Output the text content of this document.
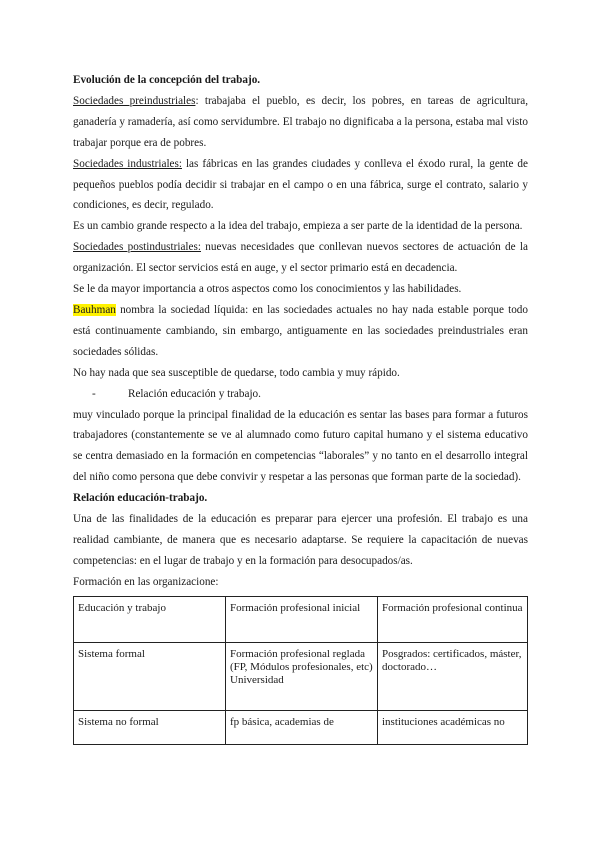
Evolución de la concepción del trabajo.

Sociedades preindustriales: trabajaba el pueblo, es decir, los pobres, en tareas de agricultura, ganadería y ramadería, así como servidumbre. El trabajo no dignificaba a la persona, estaba mal visto trabajar porque era de pobres.

Sociedades industriales: las fábricas en las grandes ciudades y conlleva el éxodo rural, la gente de pequeños pueblos podía decidir si trabajar en el campo o en una fábrica, surge el contrato, salario y condiciones, es decir, regulado.

Es un cambio grande respecto a la idea del trabajo, empieza a ser parte de la identidad de la persona.

Sociedades postindustriales: nuevas necesidades que conllevan nuevos sectores de actuación de la organización. El sector servicios está en auge, y el sector primario está en decadencia.

Se le da mayor importancia a otros aspectos como los conocimientos y las habilidades.

Bauhman nombra la sociedad líquida: en las sociedades actuales no hay nada estable porque todo está continuamente cambiando, sin embargo, antiguamente en las sociedades preindustriales eran sociedades sólidas.

No hay nada que sea susceptible de quedarse, todo cambia y muy rápido.

-	Relación educación y trabajo.

muy vinculado porque la principal finalidad de la educación es sentar las bases para formar a futuros trabajadores (constantemente se ve al alumnado como futuro capital humano y el sistema educativo se centra demasiado en la formación en competencias “laborales” y no tanto en el desarrollo integral del niño como persona que debe convivir y respetar a las personas que forman parte de la sociedad).

Relación educación-trabajo.

Una de las finalidades de la educación es preparar para ejercer una profesión. El trabajo es una realidad cambiante, de manera que es necesario adaptarse. Se requiere la capacitación de nuevas competencias: en el lugar de trabajo y en la formación para desocupados/as.

Formación en las organizacione:

Educación y trabajo	Formación profesional inicial	Formación profesional continua
Sistema formal	Formación profesional reglada (FP, Módulos profesionales, etc) Universidad	Posgrados: certificados, máster, doctorado…
Sistema no formal	fp básica, academias de	instituciones académicas no
